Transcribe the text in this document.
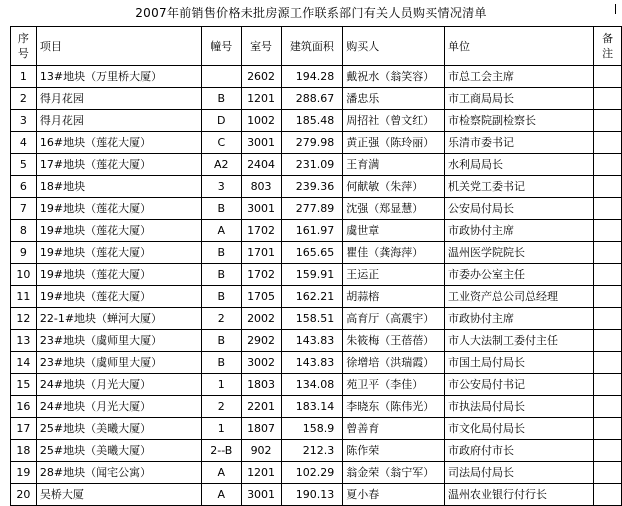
2007年前销售价格未批房源工作联系部门有关人员购买情况清单
序
号	项目	幢号	室号	建筑面积	购买人	单位	备
注
1	13#地块（万里桥大厦）		2602	194.28	戴祝水（翁笑容）	市总工会主席	
2	得月花园	B	1201	288.67	潘忠乐	市工商局局长	
3	得月花园	D	1002	185.48	周招社（曾文红）	市检察院副检察长	
4	16#地块（莲花大厦）	C	3001	279.98	黄正强（陈玲丽）	乐清市委书记	
5	17#地块（莲花大厦）	A2	2404	231.09	王育满	水利局局长	
6	18#地块	3	803	239.36	何献敏（朱萍）	机关党工委书记	
7	19#地块（莲花大厦）	B	3001	277.89	沈强（郑显慧）	公安局付局长	
8	19#地块（莲花大厦）	A	1702	161.97	虞世章	市政协付主席	
9	19#地块（莲花大厦）	B	1701	165.65	瞿佳（龚海萍）	温州医学院院长	
10	19#地块（莲花大厦）	B	1702	159.91	王运正	市委办公室主任	
11	19#地块（莲花大厦）	B	1705	162.21	胡蒜榕	工业资产总公司总经理	
12	22-1#地块（蝉河大厦）	2	2002	158.51	高育厅（高震宇）	市政协付主席	
13	23#地块（虞师里大厦）	B	2902	143.83	朱筱梅（王蓓蓓）	市人大法制工委付主任	
14	23#地块（虞师里大厦）	B	3002	143.83	徐增培（洪瑞霞）	市国土局付局长	
15	24#地块（月光大厦）	1	1803	134.08	苑卫平（李佳）	市公安局付书记	
16	24#地块（月光大厦）	2	2201	183.14	李晓东（陈伟光）	市执法局付局长	
17	25#地块（美曦大厦）	1	1807	158.9	曾善育	市文化局付局长	
18	25#地块（美曦大厦）	2--B	902	212.3	陈作荣	市政府付市长	
19	28#地块（闻宅公寓）	A	1201	102.29	翁金荣（翁宁军）	司法局付局长	
20	吴桥大厦	A	3001	190.13	夏小春	温州农业银行付行长	
